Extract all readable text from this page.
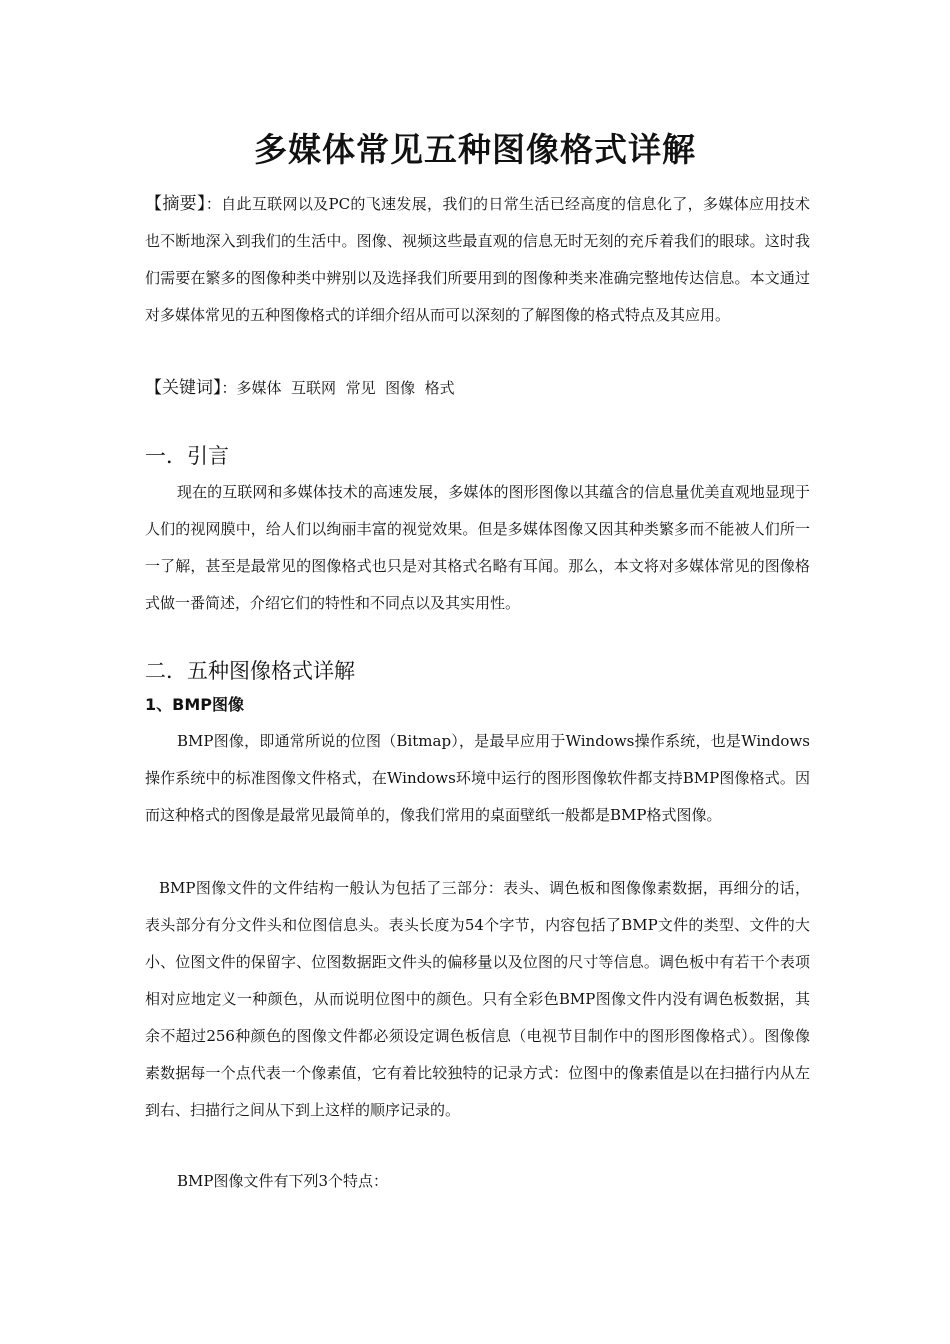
多媒体常见五种图像格式详解
【摘要】：自此互联网以及PC的飞速发展，我们的日常生活已经高度的信息化了，多媒体应用技术也不断地深入到我们的生活中。图像、视频这些最直观的信息无时无刻的充斥着我们的眼球。这时我们需要在繁多的图像种类中辨别以及选择我们所要用到的图像种类来准确完整地传达信息。本文通过对多媒体常见的五种图像格式的详细介绍从而可以深刻的了解图像的格式特点及其应用。
【关键词】：多媒体  互联网  常见  图像  格式
一．引言
现在的互联网和多媒体技术的高速发展，多媒体的图形图像以其蕴含的信息量优美直观地显现于人们的视网膜中，给人们以绚丽丰富的视觉效果。但是多媒体图像又因其种类繁多而不能被人们所一一了解，甚至是最常见的图像格式也只是对其格式名略有耳闻。那么，本文将对多媒体常见的图像格式做一番简述，介绍它们的特性和不同点以及其实用性。
二．五种图像格式详解
1、BMP图像
BMP图像，即通常所说的位图（Bitmap），是最早应用于Windows操作系统，也是Windows操作系统中的标准图像文件格式，在Windows环境中运行的图形图像软件都支持BMP图像格式。因而这种格式的图像是最常见最简单的，像我们常用的桌面壁纸一般都是BMP格式图像。
BMP图像文件的文件结构一般认为包括了三部分：表头、调色板和图像像素数据，再细分的话，表头部分有分文件头和位图信息头。表头长度为54个字节，内容包括了BMP文件的类型、文件的大小、位图文件的保留字、位图数据距文件头的偏移量以及位图的尺寸等信息。调色板中有若干个表项相对应地定义一种颜色，从而说明位图中的颜色。只有全彩色BMP图像文件内没有调色板数据，其余不超过256种颜色的图像文件都必须设定调色板信息（电视节目制作中的图形图像格式）。图像像素数据每一个点代表一个像素值，它有着比较独特的记录方式：位图中的像素值是以在扫描行内从左到右、扫描行之间从下到上这样的顺序记录的。
BMP图像文件有下列3个特点：
